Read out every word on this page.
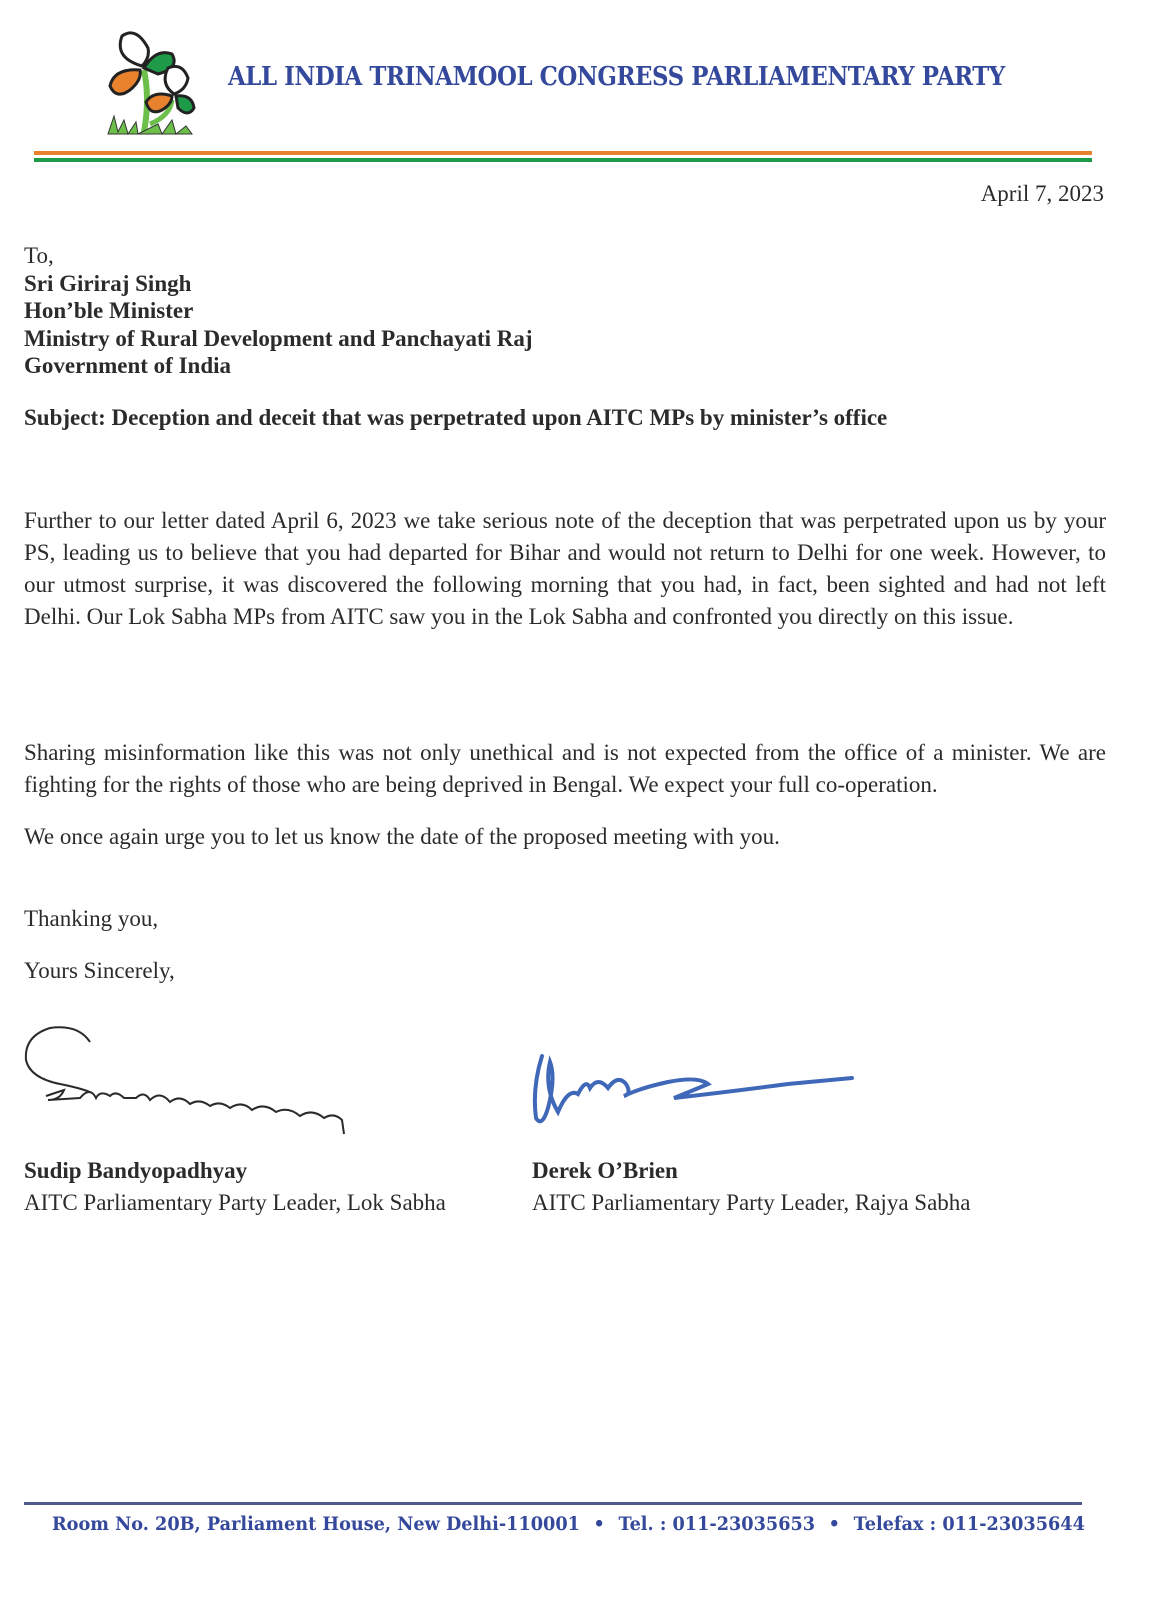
ALL INDIA TRINAMOOL CONGRESS PARLIAMENTARY PARTY
April 7, 2023
To,
Sri Giriraj Singh
Hon’ble Minister
Ministry of Rural Development and Panchayati Raj
Government of India
Subject: Deception and deceit that was perpetrated upon AITC MPs by minister’s office
Further to our letter dated April 6, 2023 we take serious note of the deception that was perpetrated upon us by your PS, leading us to believe that you had departed for Bihar and would not return to Delhi for one week. However, to our utmost surprise, it was discovered the following morning that you had, in fact, been sighted and had not left Delhi. Our Lok Sabha MPs from AITC saw you in the Lok Sabha and confronted you directly on this issue.
Sharing misinformation like this was not only unethical and is not expected from the office of a minister. We are fighting for the rights of those who are being deprived in Bengal. We expect your full co-operation.
We once again urge you to let us know the date of the proposed meeting with you.
Thanking you,
Yours Sincerely,
Sudip Bandyopadhyay
AITC Parliamentary Party Leader, Lok Sabha
Derek O’Brien
AITC Parliamentary Party Leader, Rajya Sabha
Room No. 20B, Parliament House, New Delhi-110001 • Tel. : 011-23035653 • Telefax : 011-23035644
